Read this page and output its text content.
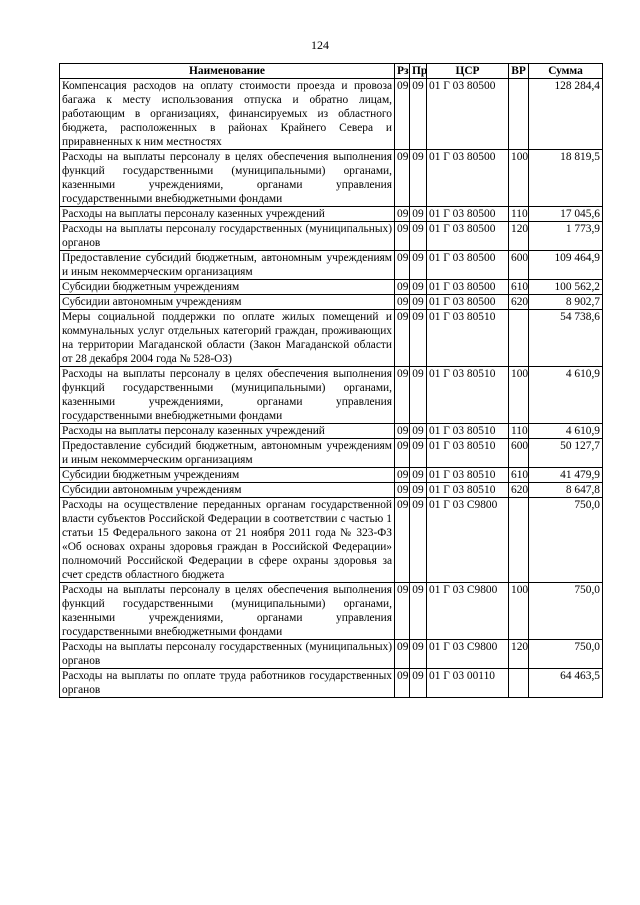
124
Наименование	Рз	Пр	ЦСР	ВР	Сумма
Компенсация расходов на оплату стоимости проезда и провоза багажа к месту использования отпуска и обратно лицам, работающим в организациях, финансируемых из областного бюджета, расположенных в районах Крайнего Севера и приравненных к ним местностях	09	09	01 Г 03 80500		128 284,4
Расходы на выплаты персоналу в целях обеспечения выполнения функций государственными (муниципальными) органами, казенными учреждениями, органами управления государственными внебюджетными фондами	09	09	01 Г 03 80500	100	18 819,5
Расходы на выплаты персоналу казенных учреждений	09	09	01 Г 03 80500	110	17 045,6
Расходы на выплаты персоналу государственных (муниципальных) органов	09	09	01 Г 03 80500	120	1 773,9
Предоставление субсидий бюджетным, автономным учреждениям и иным некоммерческим организациям	09	09	01 Г 03 80500	600	109 464,9
Субсидии бюджетным учреждениям	09	09	01 Г 03 80500	610	100 562,2
Субсидии автономным учреждениям	09	09	01 Г 03 80500	620	8 902,7
Меры социальной поддержки по оплате жилых помещений и коммунальных услуг отдельных категорий граждан, проживающих на территории Магаданской области (Закон Магаданской области от 28 декабря 2004 года № 528-ОЗ)	09	09	01 Г 03 80510		54 738,6
Расходы на выплаты персоналу в целях обеспечения выполнения функций государственными (муниципальными) органами, казенными учреждениями, органами управления государственными внебюджетными фондами	09	09	01 Г 03 80510	100	4 610,9
Расходы на выплаты персоналу казенных учреждений	09	09	01 Г 03 80510	110	4 610,9
Предоставление субсидий бюджетным, автономным учреждениям и иным некоммерческим организациям	09	09	01 Г 03 80510	600	50 127,7
Субсидии бюджетным учреждениям	09	09	01 Г 03 80510	610	41 479,9
Субсидии автономным учреждениям	09	09	01 Г 03 80510	620	8 647,8
Расходы на осуществление переданных органам государственной власти субъектов Российской Федерации в соответствии с частью 1 статьи 15 Федерального закона от 21 ноября 2011 года № 323-ФЗ «Об основах охраны здоровья граждан в Российской Федерации» полномочий Российской Федерации в сфере охраны здоровья за счет средств областного бюджета	09	09	01 Г 03 С9800		750,0
Расходы на выплаты персоналу в целях обеспечения выполнения функций государственными (муниципальными) органами, казенными учреждениями, органами управления государственными внебюджетными фондами	09	09	01 Г 03 С9800	100	750,0
Расходы на выплаты персоналу государственных (муниципальных) органов	09	09	01 Г 03 С9800	120	750,0
Расходы на выплаты по оплате труда работников государственных органов	09	09	01 Г 03 00110		64 463,5
